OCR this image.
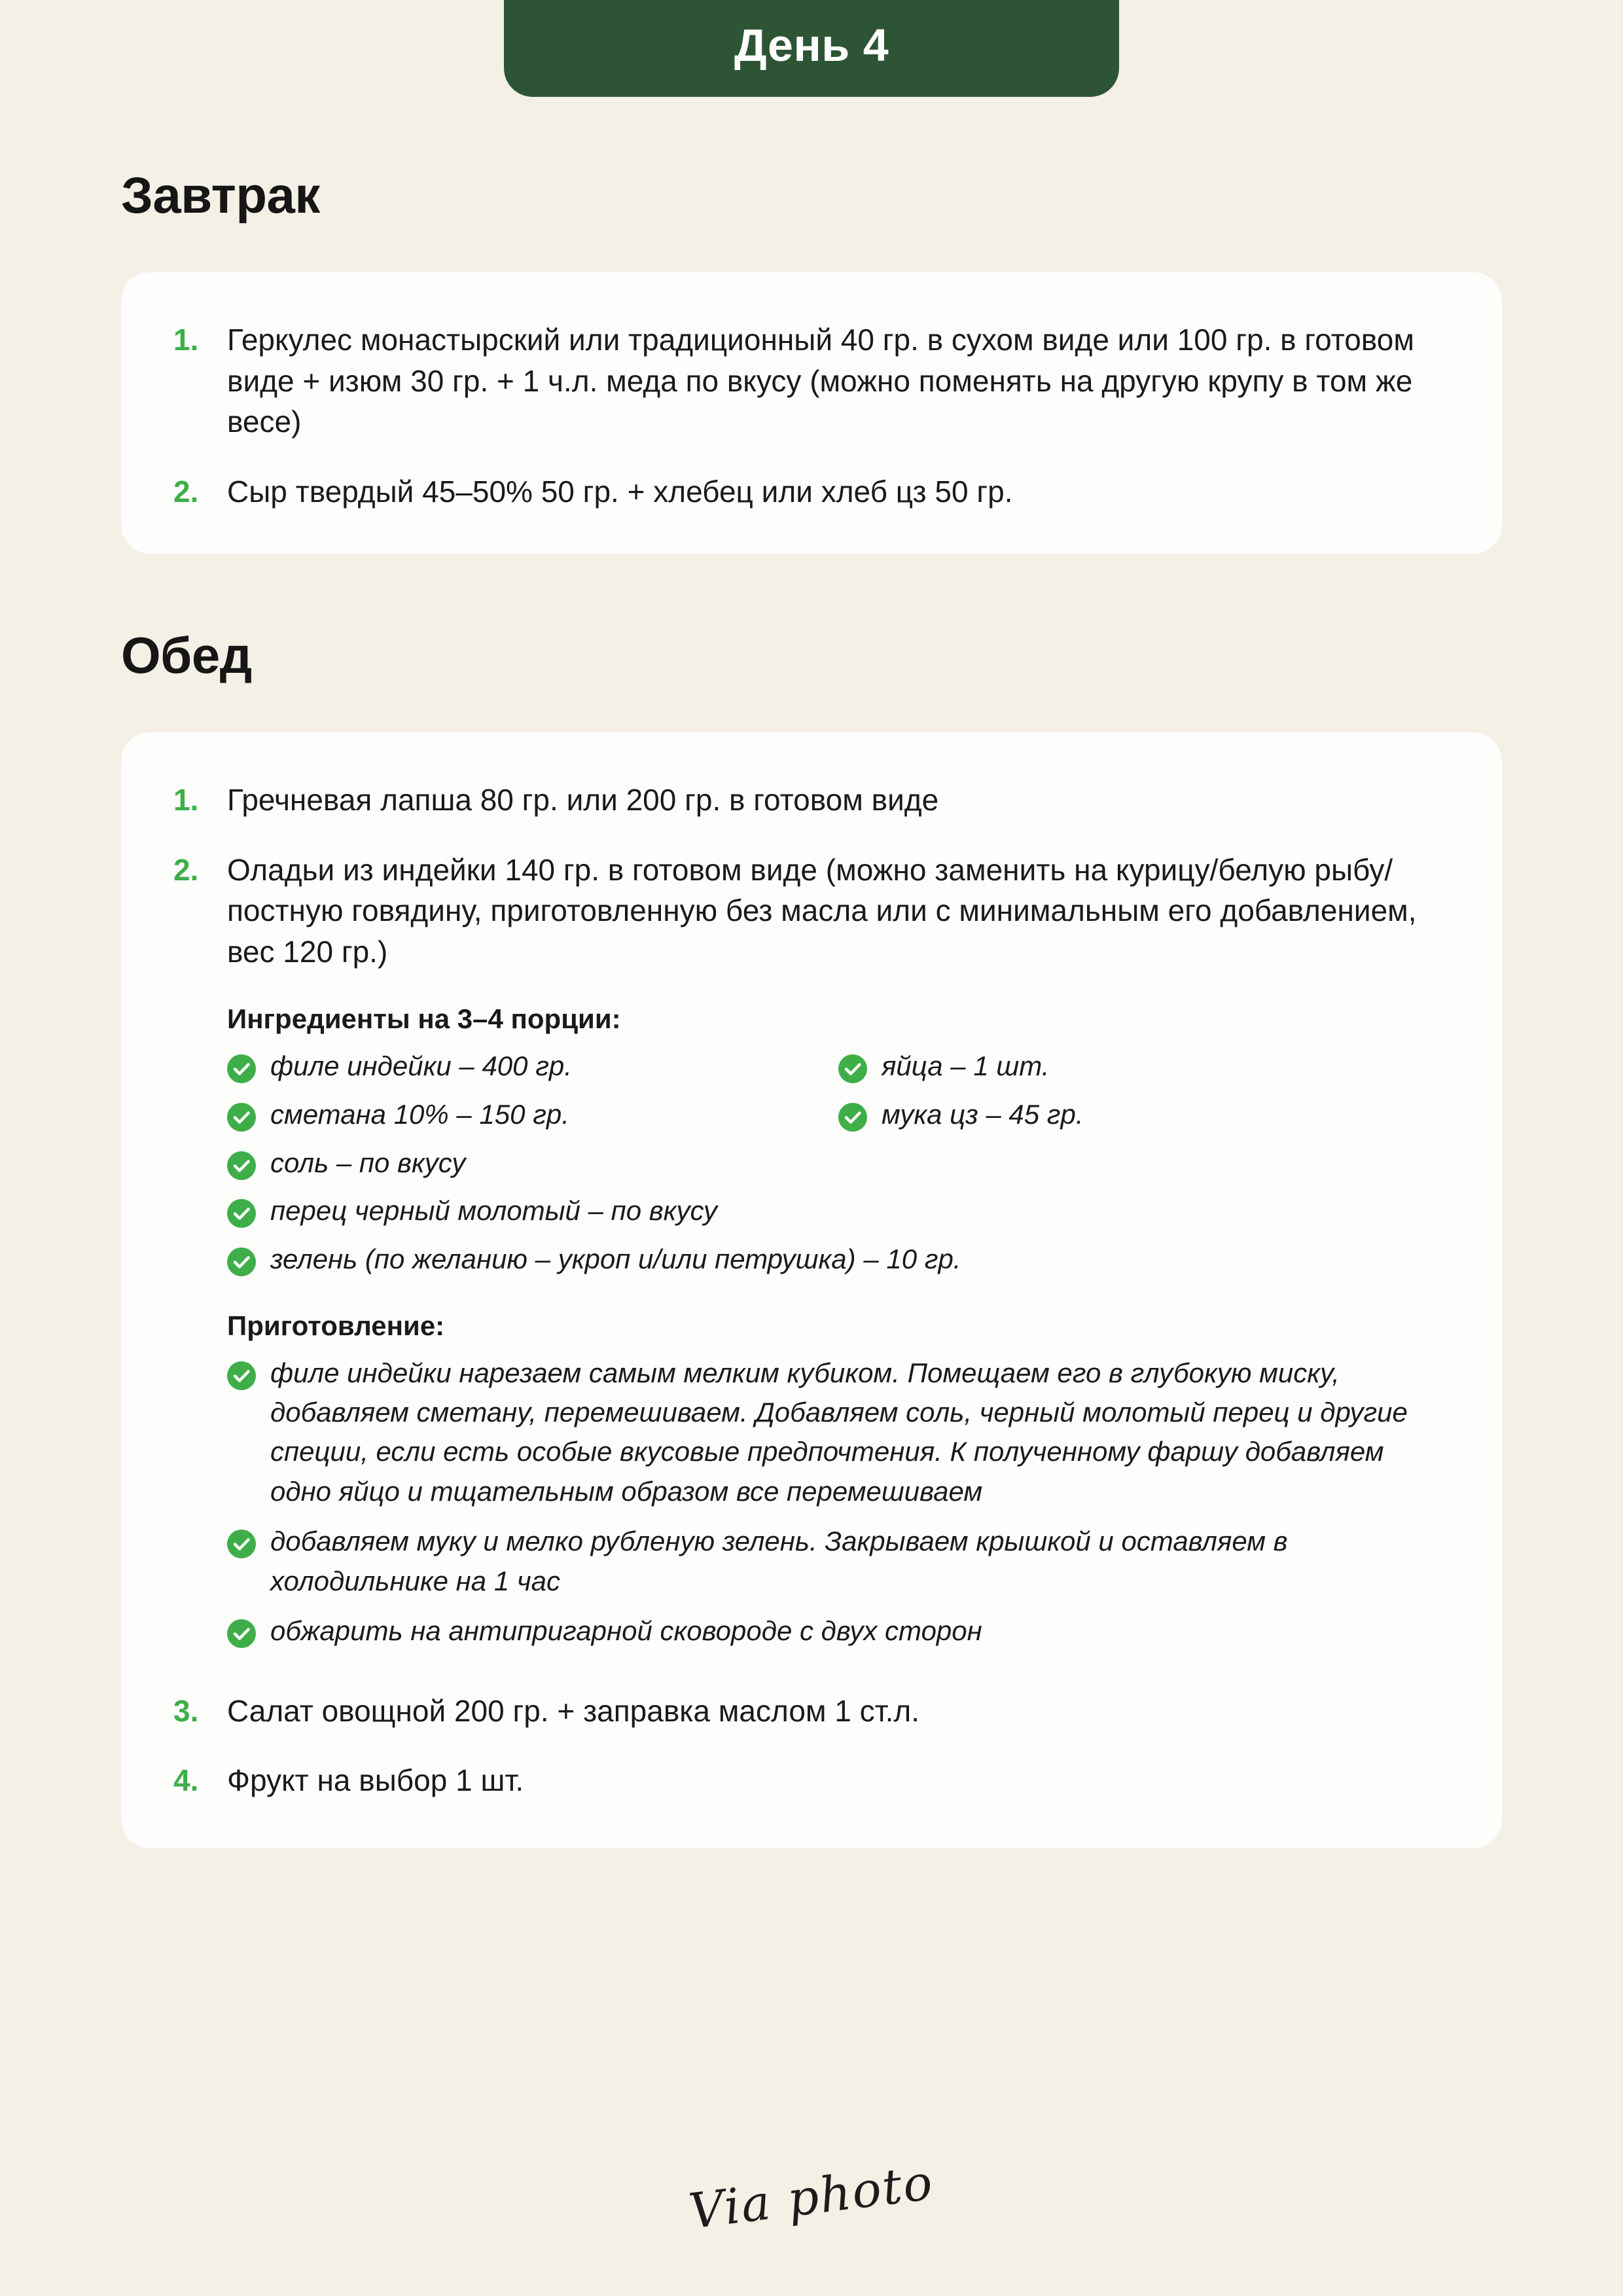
День 4
Завтрак
1. Геркулес монастырский или традиционный 40 гр. в сухом виде или 100 гр. в готовом виде + изюм 30 гр. + 1 ч.л. меда по вкусу (можно поменять на другую крупу в том же весе)
2. Сыр твердый 45–50% 50 гр. + хлебец или хлеб цз 50 гр.
Обед
1. Гречневая лапша 80 гр. или 200 гр. в готовом виде
2. Оладьи из индейки 140 гр. в готовом виде (можно заменить на курицу/белую рыбу/постную говядину, приготовленную без масла или с минимальным его добавлением, вес 120 гр.)
Ингредиенты на 3–4 порции:
филе индейки – 400 гр.	яйца – 1 шт.
сметана 10% – 150 гр.	мука цз – 45 гр.
соль – по вкусу
перец черный молотый – по вкусу
зелень (по желанию – укроп и/или петрушка) – 10 гр.
Приготовление:
филе индейки нарезаем самым мелким кубиком. Помещаем его в глубокую миску, добавляем сметану, перемешиваем. Добавляем соль, черный молотый перец и другие специи, если есть особые вкусовые предпочтения. К полученному фаршу добавляем одно яйцо и тщательным образом все перемешиваем
добавляем муку и мелко рубленую зелень. Закрываем крышкой и оставляем в холодильнике на 1 час
обжарить на антипригарной сковороде с двух сторон
3. Салат овощной 200 гр. + заправка маслом 1 ст.л.
4. Фрукт на выбор 1 шт.
Via photo
